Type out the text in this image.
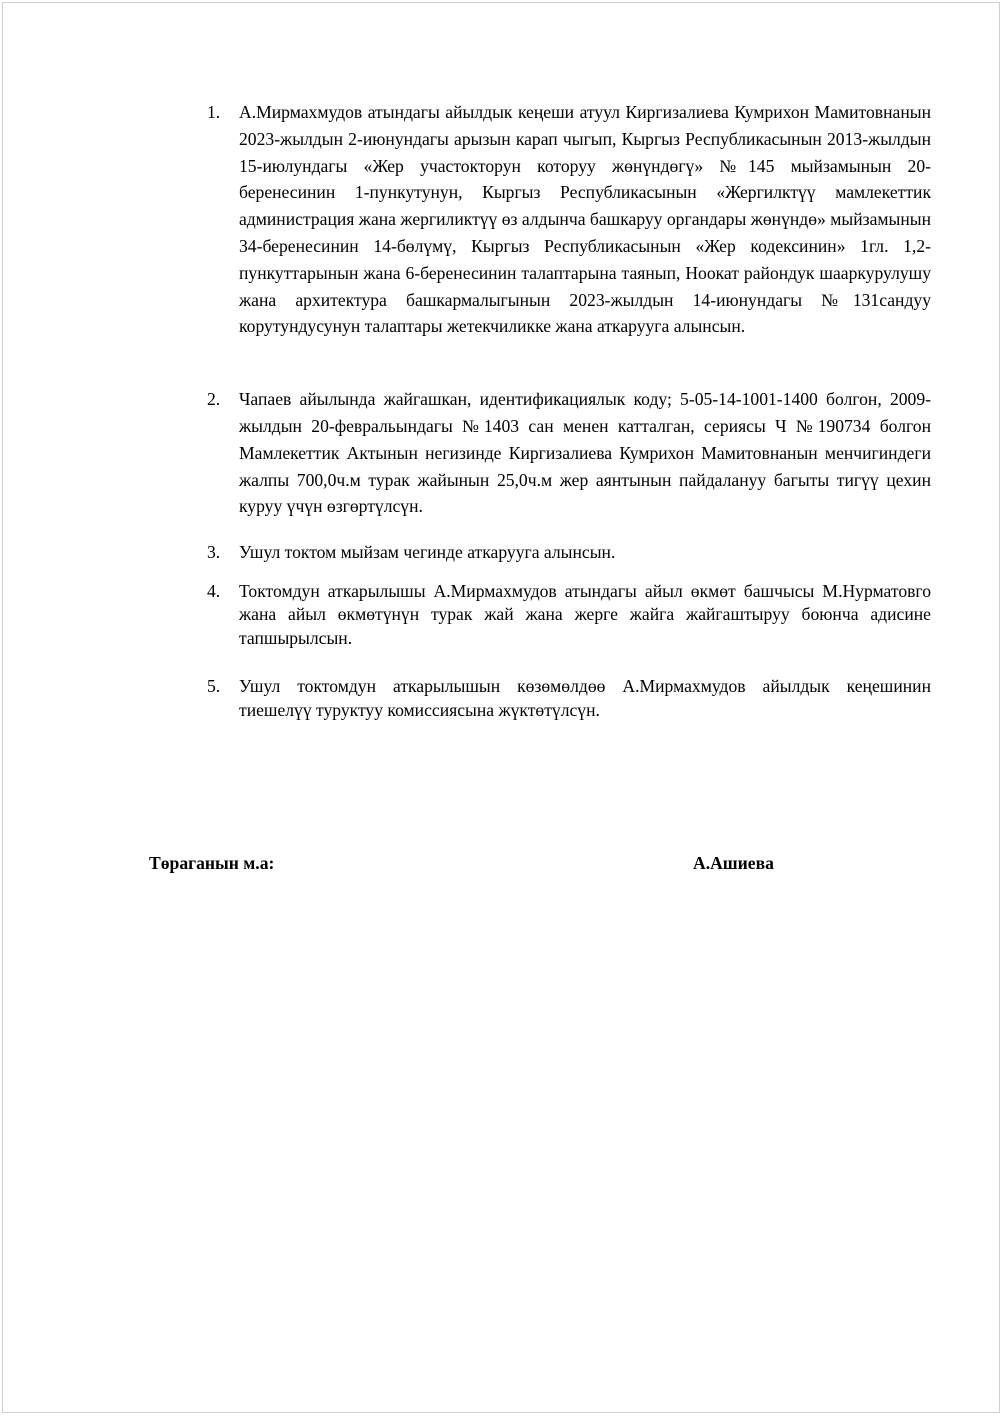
1. А.Мирмахмудов атындагы айылдык кеңеши атуул Киргизалиева Кумрихон Мамитовнанын 2023-жылдын 2-июнундагы арызын карап чыгып, Кыргыз Республикасынын 2013-жылдын 15-июлундагы «Жер участокторун которуу жөнүндөгү» №145 мыйзамынын 20-беренесинин 1-пункутунун, Кыргыз Республикасынын «Жергилктүү мамлекеттик администрация жана жергиликтүү өз алдынча башкаруу органдары жөнүндө» мыйзамынын 34-беренесинин 14-бөлүмү, Кыргыз Республикасынын «Жер кодексинин» 1гл. 1,2-пункуттарынын жана 6-беренесинин талаптарына таянып, Ноокат райондук шааркурулушу жана архитектура башкармалыгынын 2023-жылдын 14-июнундагы №131сандуу корутундусунун талаптары жетекчиликке жана аткарууга алынсын.
2. Чапаев айылында жайгашкан, идентификациялык коду; 5-05-14-1001-1400 болгон, 2009-жылдын 20-февральындагы №1403 сан менен катталган, сериясы Ч №190734 болгон Мамлекеттик Актынын негизинде Киргизалиева Кумрихон Мамитовнанын менчигиндеги жалпы 700,0ч.м турак жайынын 25,0ч.м жер аянтынын пайдалануу багыты тигүү цехин куруу үчүн өзгөртүлсүн.
3. Ушул токтом мыйзам чегинде аткарууга алынсын.
4. Токтомдун аткарылышы А.Мирмахмудов атындагы айыл өкмөт башчысы М.Нурматовго жана айыл өкмөтүнүн турак жай жана жерге жайга жайгаштыруу боюнча адисине тапшырылсын.
5. Ушул токтомдун аткарылышын көзөмөлдөө А.Мирмахмудов айылдык кеңешинин тиешелүү туруктуу комиссиясына жүктөтүлсүн.
Төраганын м.а:	А.Ашиева
